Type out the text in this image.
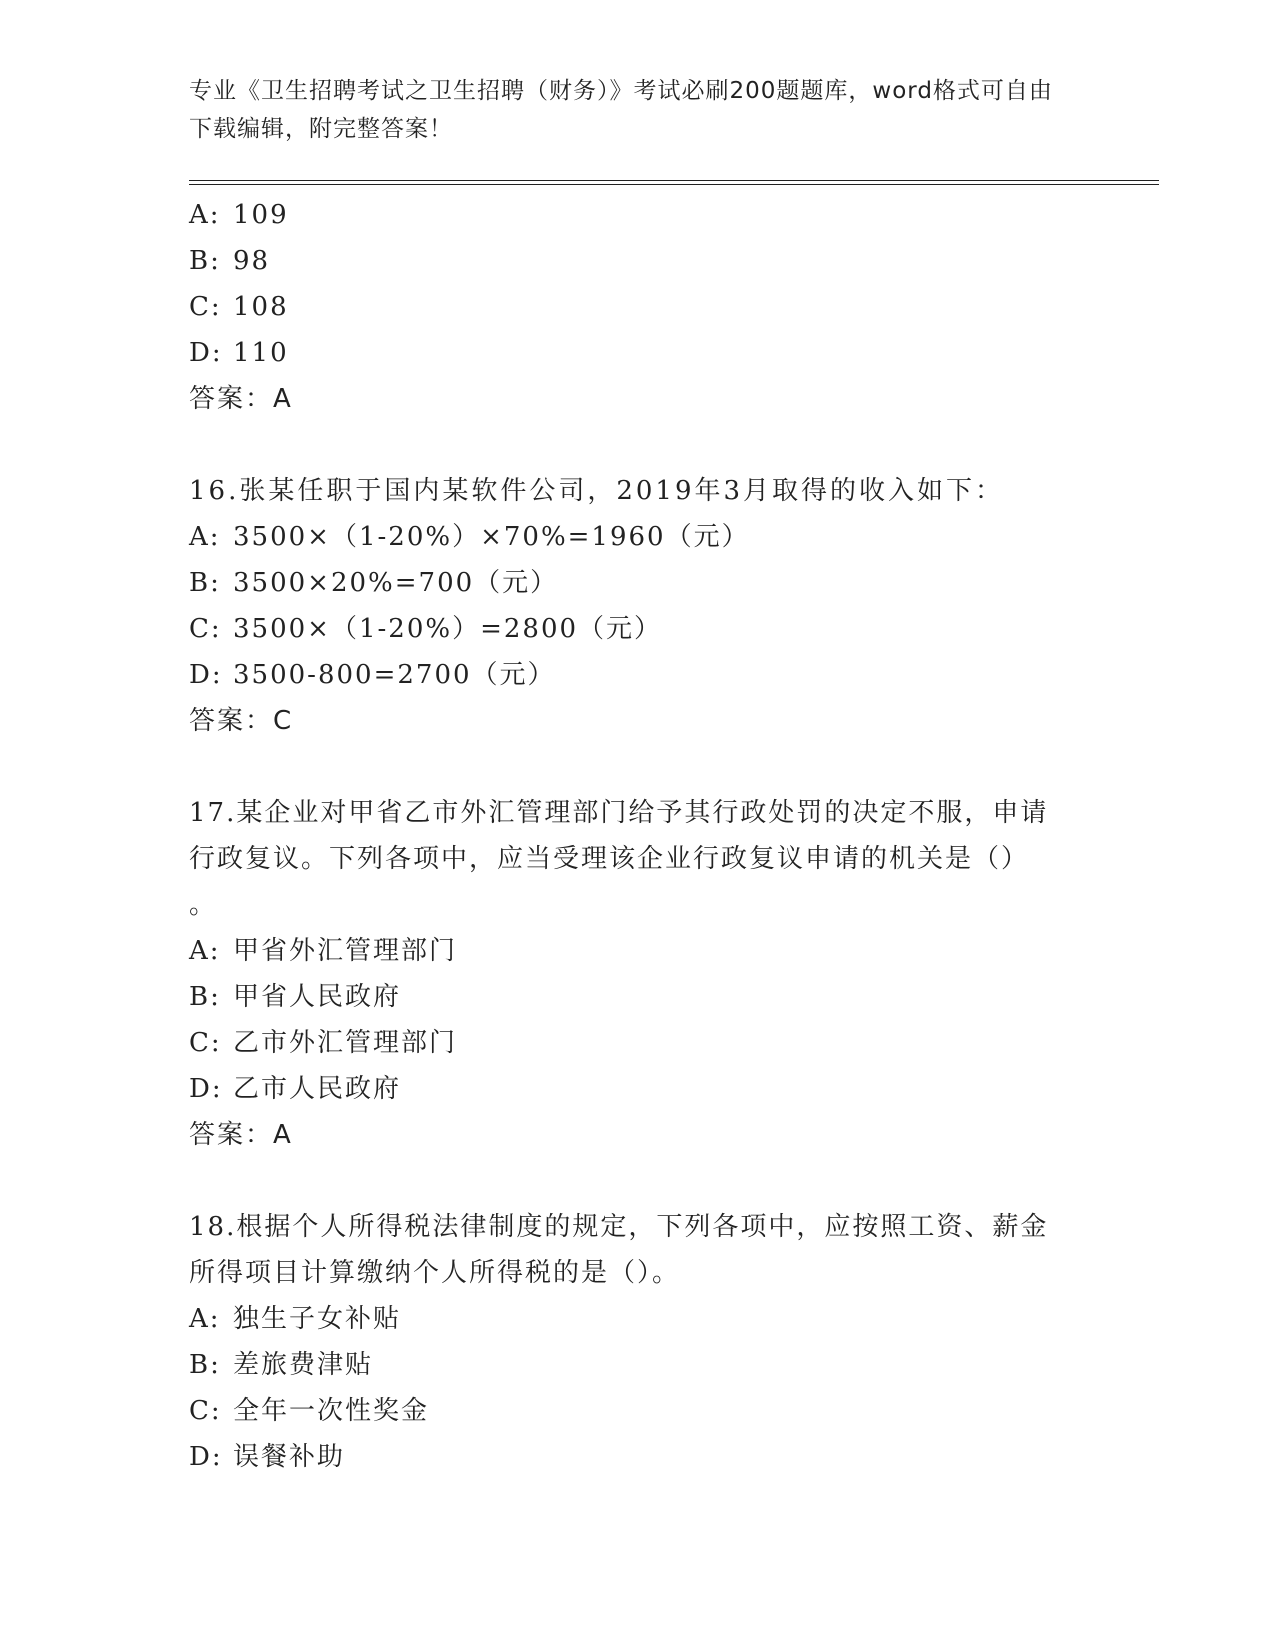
专业《卫生招聘考试之卫生招聘（财务）》考试必刷200题题库，word格式可自由下载编辑，附完整答案！
A: 109
B: 98
C: 108
D: 110
答案：A
16.张某任职于国内某软件公司，2019年3月取得的收入如下：
A: 3500×（1-20%）×70%=1960（元）
B: 3500×20%=700（元）
C: 3500×（1-20%）=2800（元）
D: 3500-800=2700（元）
答案：C
17.某企业对甲省乙市外汇管理部门给予其行政处罚的决定不服，申请
行政复议。下列各项中，应当受理该企业行政复议申请的机关是（）
。
A: 甲省外汇管理部门
B: 甲省人民政府
C: 乙市外汇管理部门
D: 乙市人民政府
答案：A
18.根据个人所得税法律制度的规定，下列各项中，应按照工资、薪金
所得项目计算缴纳个人所得税的是（）。
A: 独生子女补贴
B: 差旅费津贴
C: 全年一次性奖金
D: 误餐补助
